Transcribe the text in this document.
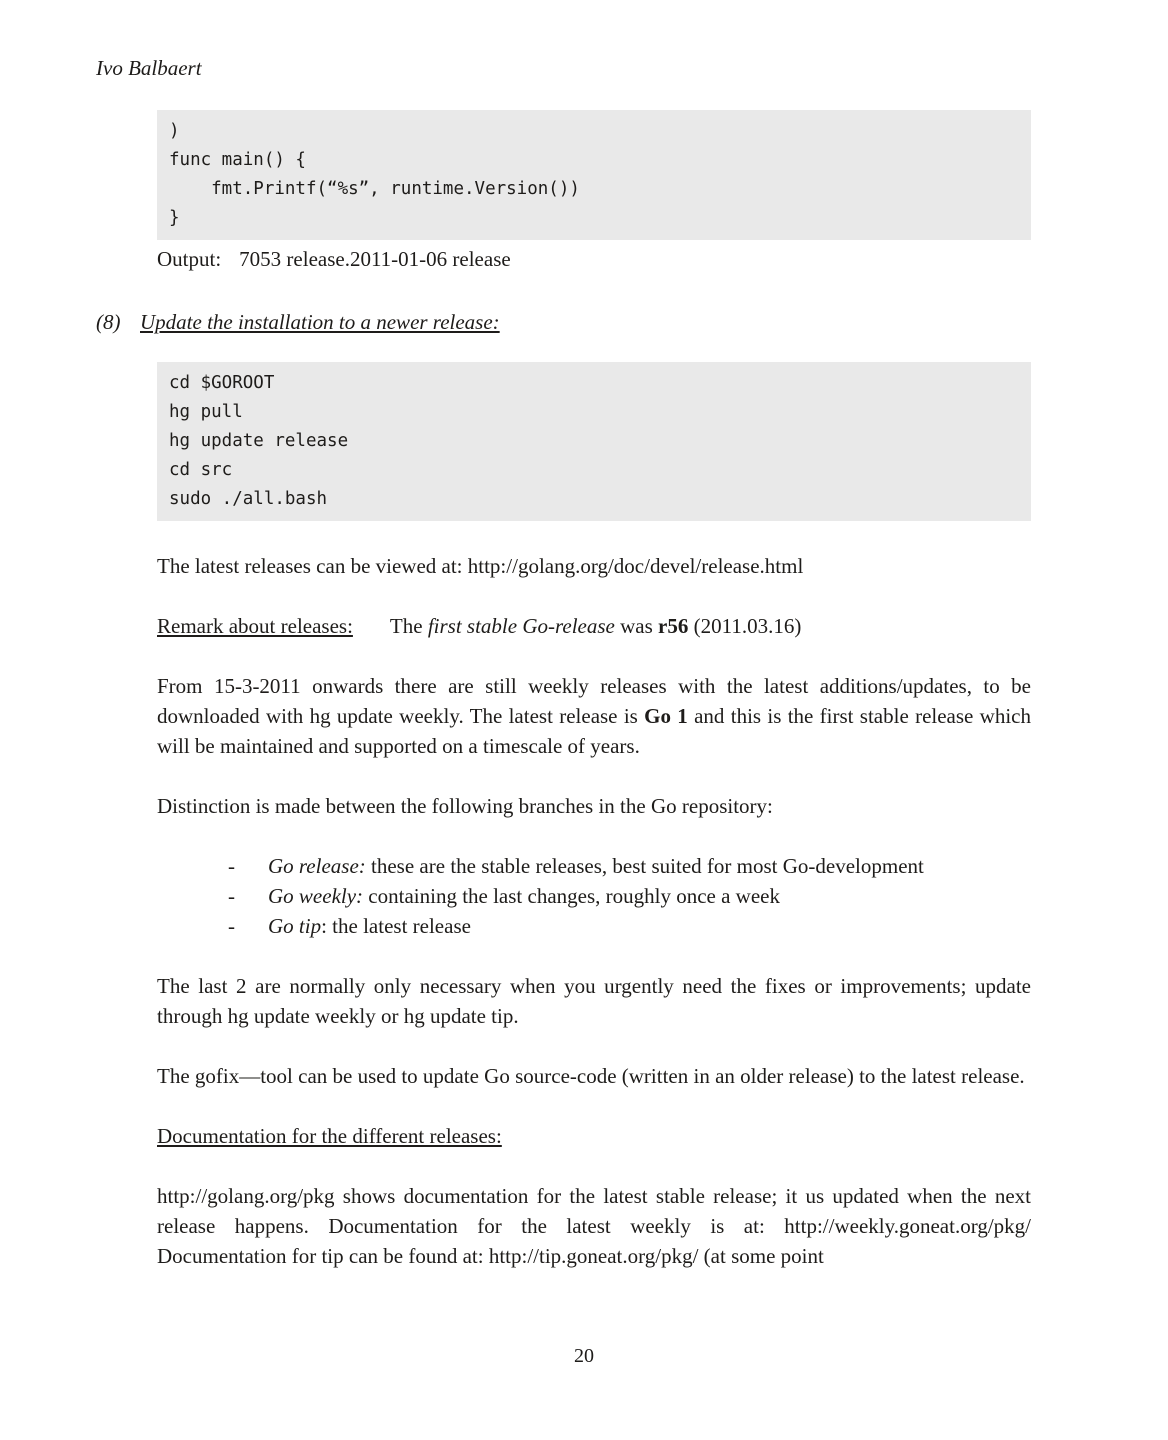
Ivo Balbaert
)
func main() {
fmt.Printf(“%s”, runtime.Version())
}

Output: 7053 release.2011-01-06 release

(8) Update the installation to a newer release:

cd $GOROOT
hg pull
hg update release
cd src
sudo ./all.bash

The latest releases can be viewed at: http://golang.org/doc/devel/release.html

Remark about releases: The first stable Go-release was r56 (2011.03.16)

From 15-3-2011 onwards there are still weekly releases with the latest additions/updates, to be downloaded with hg update weekly. The latest release is Go 1 and this is the first stable release which will be maintained and supported on a timescale of years.

Distinction is made between the following branches in the Go repository:

-	Go release: these are the stable releases, best suited for most Go-development
-	Go weekly: containing the last changes, roughly once a week
-	Go tip: the latest release

The last 2 are normally only necessary when you urgently need the fixes or improvements; update through hg update weekly or hg update tip.

The gofix—tool can be used to update Go source-code (written in an older release) to the latest release.

Documentation for the different releases:

http://golang.org/pkg shows documentation for the latest stable release; it us updated when the next release happens. Documentation for the latest weekly is at: http://weekly.goneat.org/pkg/ Documentation for tip can be found at: http://tip.goneat.org/pkg/ (at some point

20
